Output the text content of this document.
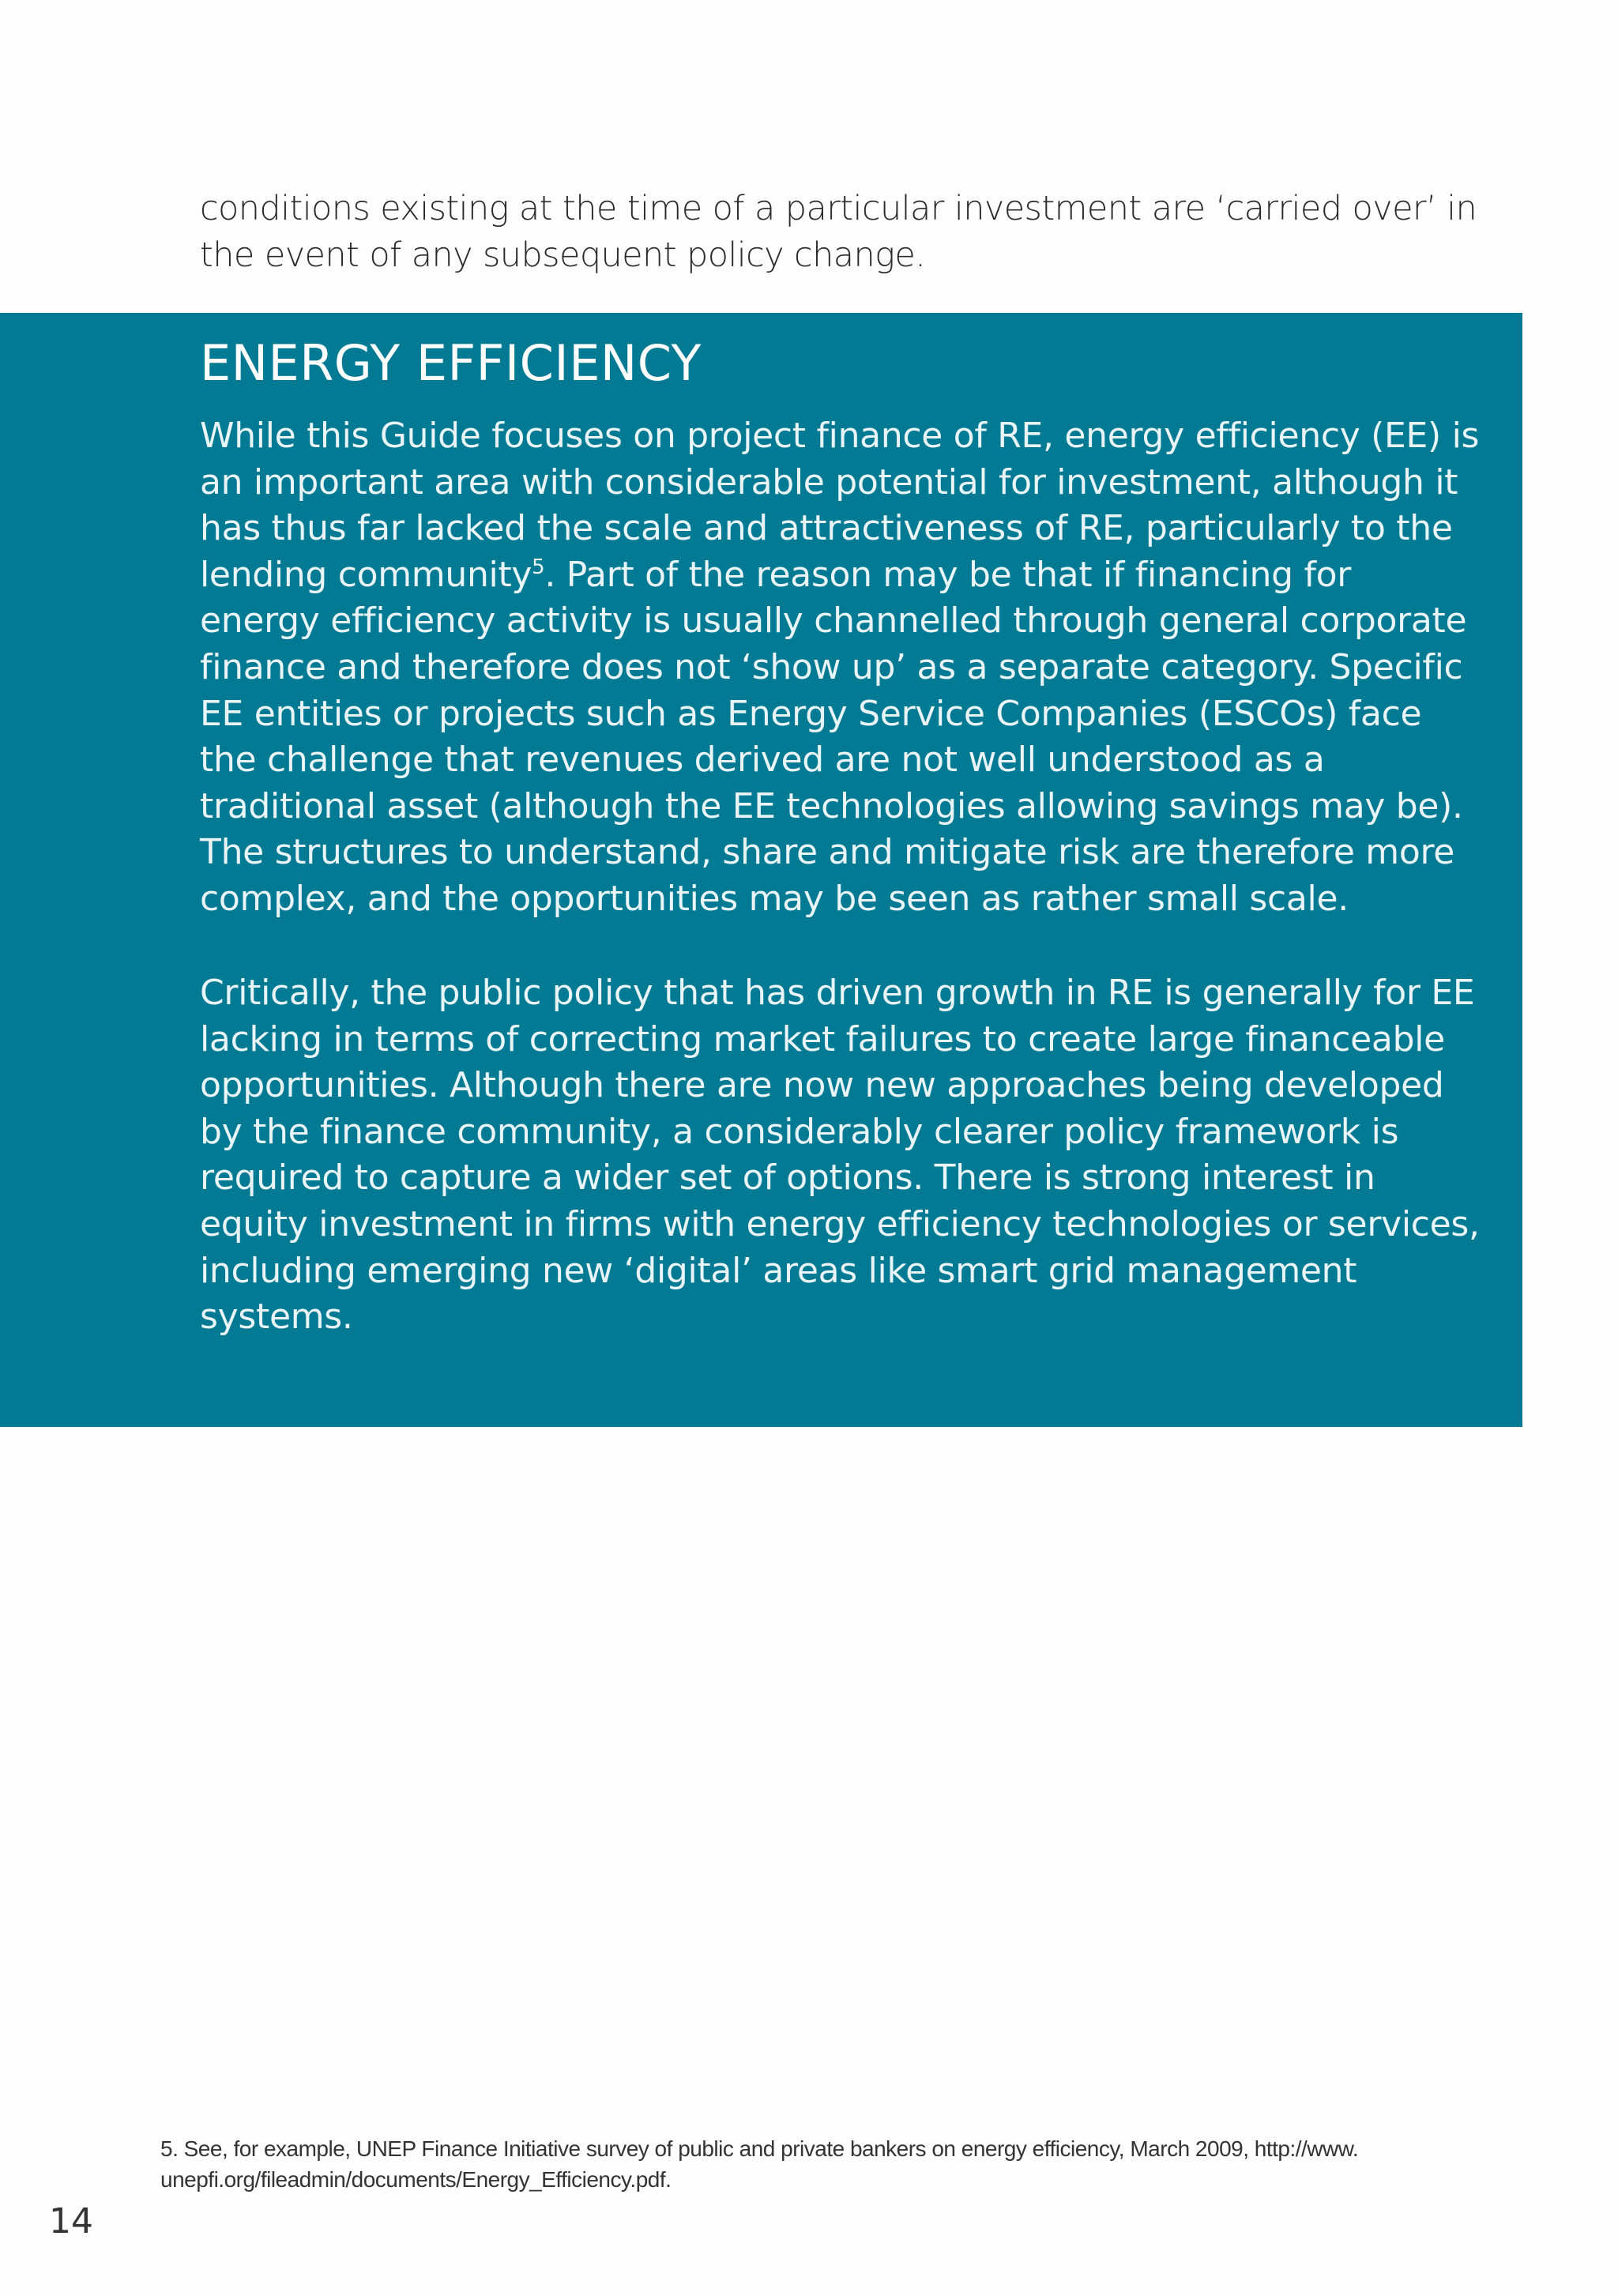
conditions existing at the time of a particular investment are ‘carried over’ in the event of any subsequent policy change.

ENERGY EFFICIENCY

While this Guide focuses on project finance of RE, energy efficiency (EE) is an important area with considerable potential for investment, although it has thus far lacked the scale and attractiveness of RE, particularly to the lending community$^5$. Part of the reason may be that if financing for energy efficiency activity is usually channelled through general corporate finance and therefore does not ‘show up’ as a separate category. Specific EE entities or projects such as Energy Service Companies (ESCOs) face the challenge that revenues derived are not well understood as a traditional asset (although the EE technologies allowing savings may be). The structures to understand, share and mitigate risk are therefore more complex, and the opportunities may be seen as rather small scale.

Critically, the public policy that has driven growth in RE is generally for EE lacking in terms of correcting market failures to create large financeable opportunities. Although there are now new approaches being developed by the finance community, a considerably clearer policy framework is required to capture a wider set of options. There is strong interest in equity investment in firms with energy efficiency technologies or services, including emerging new ‘digital’ areas like smart grid management systems.

5. See, for example, UNEP Finance Initiative survey of public and private bankers on energy efficiency, March 2009, http://www. unepfi.org/fileadmin/documents/Energy_Efficiency.pdf.

14
